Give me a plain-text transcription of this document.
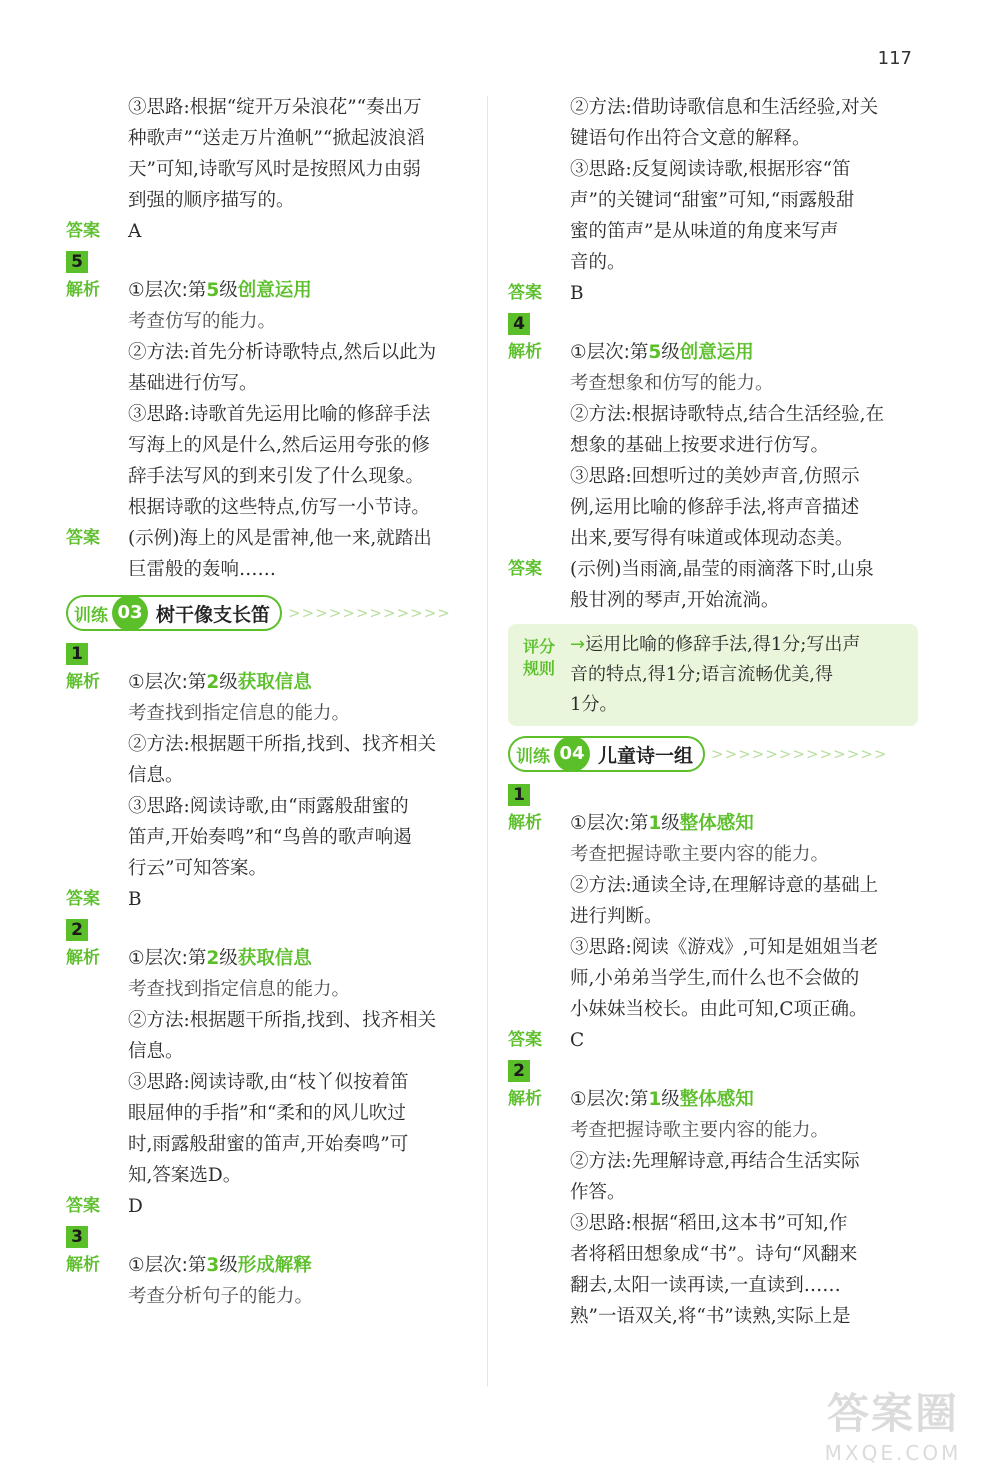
117
③思路:根据“绽开万朵浪花”“奏出万
种歌声”“送走万片渔帆”“掀起波浪滔
天”可知,诗歌写风时是按照风力由弱
到强的顺序描写的。
答案 A
5
解析 ①层次:第5级创意运用
考查仿写的能力。
②方法:首先分析诗歌特点,然后以此为
基础进行仿写。
③思路:诗歌首先运用比喻的修辞手法
写海上的风是什么,然后运用夸张的修
辞手法写风的到来引发了什么现象。
根据诗歌的这些特点,仿写一小节诗。
答案 (示例)海上的风是雷神,他一来,就踏出
巨雷般的轰响……
训练 03 树干像支长笛 >>>>>>>>>>>>
1
解析 ①层次:第2级获取信息
考查找到指定信息的能力。
②方法:根据题干所指,找到、找齐相关
信息。
③思路:阅读诗歌,由“雨露般甜蜜的
笛声,开始奏鸣”和“鸟兽的歌声响遏
行云”可知答案。
答案 B
2
解析 ①层次:第2级获取信息
考查找到指定信息的能力。
②方法:根据题干所指,找到、找齐相关
信息。
③思路:阅读诗歌,由“枝丫似按着笛
眼屈伸的手指”和“柔和的风儿吹过
时,雨露般甜蜜的笛声,开始奏鸣”可
知,答案选D。
答案 D
3
解析 ①层次:第3级形成解释
考查分析句子的能力。
②方法:借助诗歌信息和生活经验,对关
键语句作出符合文意的解释。
③思路:反复阅读诗歌,根据形容“笛
声”的关键词“甜蜜”可知,“雨露般甜
蜜的笛声”是从味道的角度来写声
音的。
答案 B
4
解析 ①层次:第5级创意运用
考查想象和仿写的能力。
②方法:根据诗歌特点,结合生活经验,在
想象的基础上按要求进行仿写。
③思路:回想听过的美妙声音,仿照示
例,运用比喻的修辞手法,将声音描述
出来,要写得有味道或体现动态美。
答案 (示例)当雨滴,晶莹的雨滴落下时,山泉
般甘冽的琴声,开始流淌。
评分
规则
→运用比喻的修辞手法,得1分;写出声
音的特点,得1分;语言流畅优美,得
1分。
训练 04 儿童诗一组 >>>>>>>>>>>>>
1
解析 ①层次:第1级整体感知
考查把握诗歌主要内容的能力。
②方法:通读全诗,在理解诗意的基础上
进行判断。
③思路:阅读《游戏》,可知是姐姐当老
师,小弟弟当学生,而什么也不会做的
小妹妹当校长。由此可知,C项正确。
答案 C
2
解析 ①层次:第1级整体感知
考查把握诗歌主要内容的能力。
②方法:先理解诗意,再结合生活实际
作答。
③思路:根据“稻田,这本书”可知,作
者将稻田想象成“书”。诗句“风翻来
翻去,太阳一读再读,一直读到……
熟”一语双关,将“书”读熟,实际上是
答案圈
MXQE.COM
